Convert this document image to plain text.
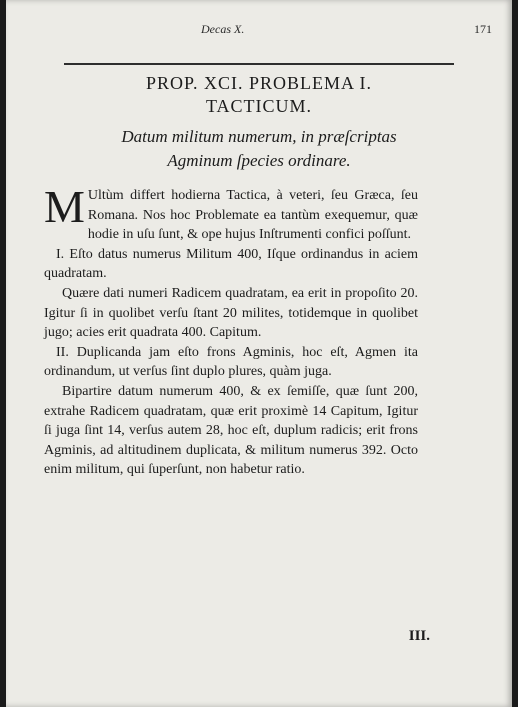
Decas X.	171
PROP. XCI. PROBLEMA I.
TACTICUM.
Datum militum numerum, in præſcriptas
Agminum ſpecies ordinare.

M Ultùm differt hodierna Tactica, à veteri, ſeu Græca, ſeu Romana. Nos hoc Problemate ea tantùm exequemur, quæ hodie in uſu ſunt, & ope hujus Inſtrumenti confici poſſunt.

I. Eſto datus numerus Militum 400, Iſque ordinandus in aciem quadratam.

Quære dati numeri Radicem quadratam, ea erit in propoſito 20. Igitur ſi in quolibet verſu ſtant 20 milites, totidemque in quolibet jugo; acies erit quadrata 400. Capitum.

II. Duplicanda jam eſto frons Agminis, hoc eſt, Agmen ita ordinandum, ut verſus ſint duplo plures, quàm juga.

Bipartire datum numerum 400, & ex ſemiſſe, quæ ſunt 200, extrahe Radicem quadratam, quæ erit proximè 14 Capitum, Igitur ſi juga ſint 14, verſus autem 28, hoc eſt, duplum radicis; erit frons Agminis, ad altitudinem duplicata, & militum numerus 392. Octo enim militum, qui ſuperſunt, non habetur ratio.

III.
